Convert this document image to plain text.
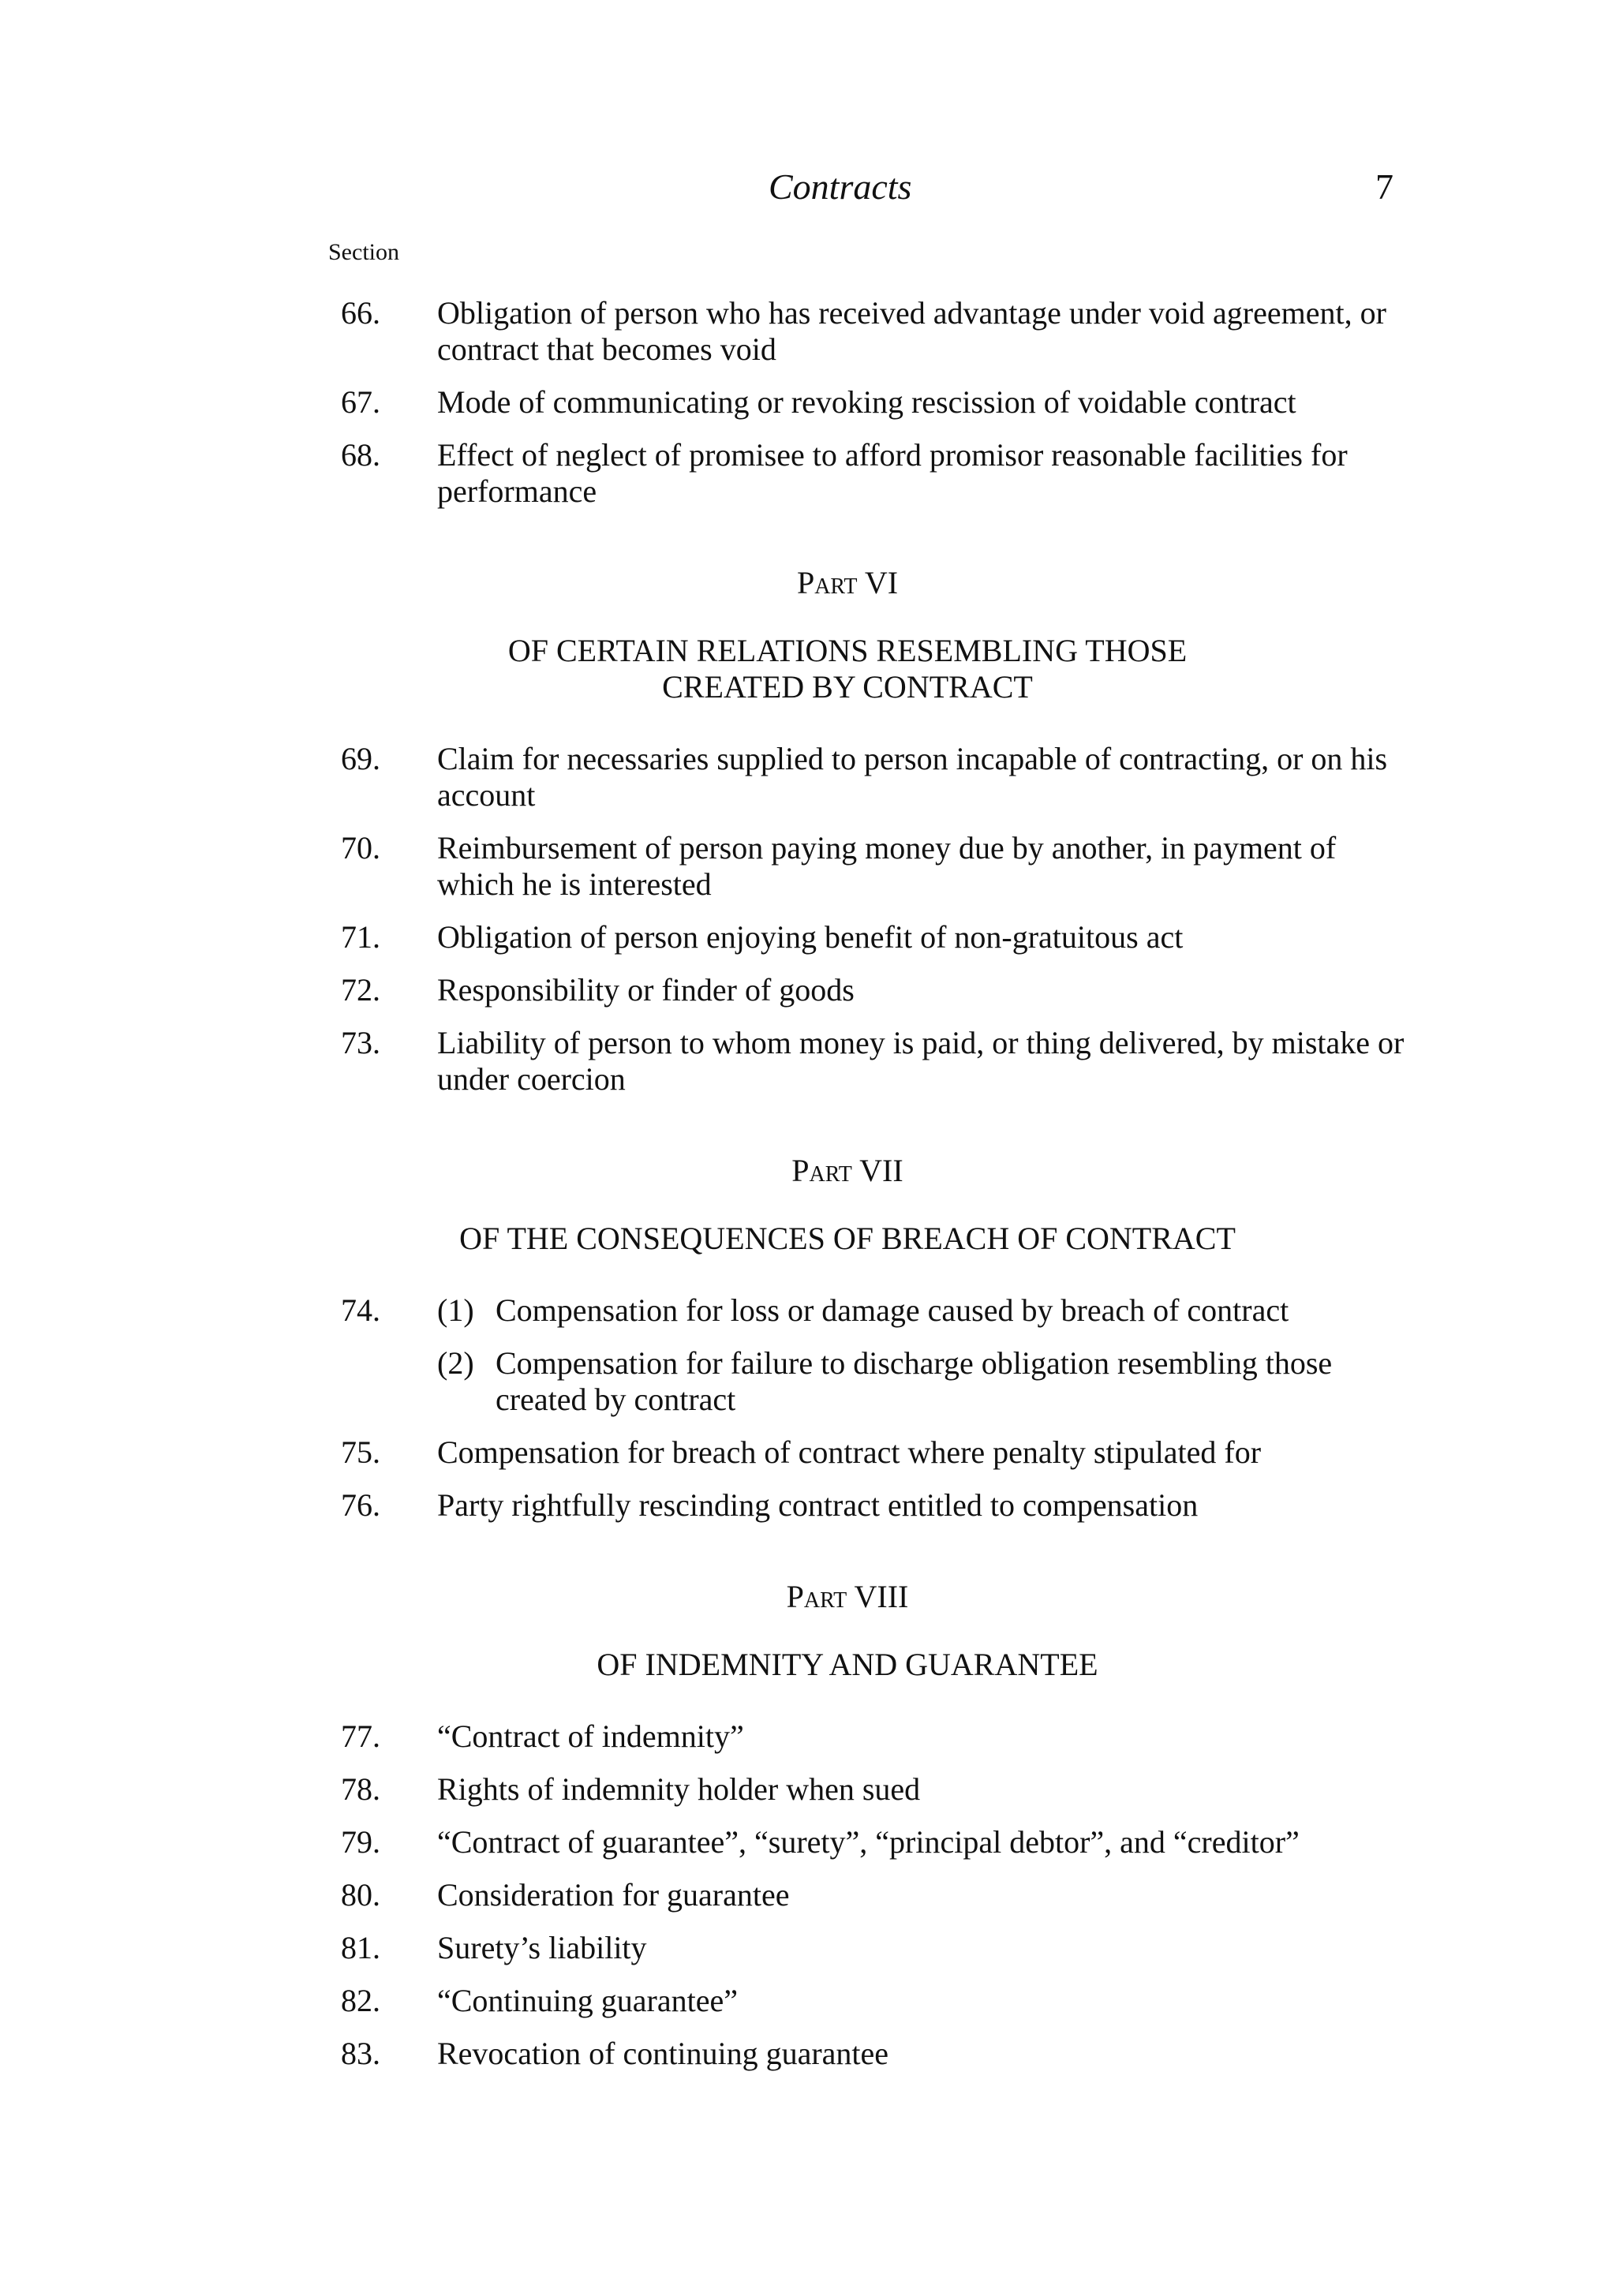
Contracts	7
Section
66.	Obligation of person who has received advantage under void agreement, or contract that becomes void
67.	Mode of communicating or revoking rescission of voidable contract
68.	Effect of neglect of promisee to afford promisor reasonable facilities for performance
Part VI
OF CERTAIN RELATIONS RESEMBLING THOSE
CREATED BY CONTRACT
69.	Claim for necessaries supplied to person incapable of contracting, or on his account
70.	Reimbursement of person paying money due by another, in payment of which he is interested
71.	Obligation of person enjoying benefit of non-gratuitous act
72.	Responsibility or finder of goods
73.	Liability of person to whom money is paid, or thing delivered, by mistake or under coercion
Part VII
OF THE CONSEQUENCES OF BREACH OF CONTRACT
74.	(1) Compensation for loss or damage caused by breach of contract
(2) Compensation for failure to discharge obligation resembling those created by contract
75.	Compensation for breach of contract where penalty stipulated for
76.	Party rightfully rescinding contract entitled to compensation
Part VIII
OF INDEMNITY AND GUARANTEE
77.	“Contract of indemnity”
78.	Rights of indemnity holder when sued
79.	“Contract of guarantee”, “surety”, “principal debtor”, and “creditor”
80.	Consideration for guarantee
81.	Surety’s liability
82.	“Continuing guarantee”
83.	Revocation of continuing guarantee
